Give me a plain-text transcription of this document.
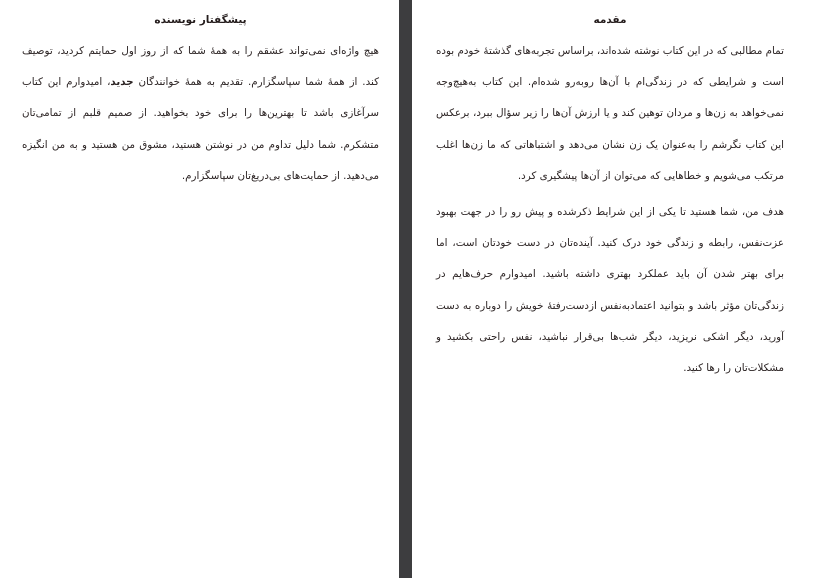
پیشگفتار نویسنده

هیچ واژه‌ای نمی‌تواند عشقم را به همهٔ شما که از روز اول حمایتم کردید، توصیف کند. از همهٔ شما سپاسگزارم. تقدیم به همهٔ خوانندگان جدید، امیدوارم این کتاب سرآغازی باشد تا بهترین‌ها را برای خود بخواهید. از صمیم قلبم از تمامی‌تان متشکرم. شما دلیل تداوم من در نوشتن هستید، مشوق من هستید و به من انگیزه می‌دهید. از حمایت‌های بی‌دریغ‌تان سپاسگزارم.

مقدمه

تمام مطالبی که در این کتاب نوشته شده‌اند، براساس تجربه‌های گذشتهٔ خودم بوده است و شرایطی که در زندگی‌ام با آن‌ها روبه‌رو شده‌ام. این کتاب به‌هیچ‌وجه نمی‌خواهد به زن‌ها و مردان توهین کند و یا ارزش آن‌ها را زیر سؤال ببرد، برعکس این کتاب نگرشم را به‌عنوان یک زن نشان می‌دهد و اشتباهاتی که ما زن‌ها اغلب مرتکب می‌شویم و خطاهایی که می‌توان از آن‌ها پیشگیری کرد.

هدف من، شما هستید تا یکی از این شرایط ذکرشده و پیش رو را در جهت بهبود عزت‌نفس، رابطه و زندگی خود درک کنید. آینده‌تان در دست خودتان است، اما برای بهتر شدن آن باید عملکرد بهتری داشته باشید. امیدوارم حرف‌هایم در زندگی‌تان مؤثر باشد و بتوانید اعتمادبه‌نفس ازدست‌رفتهٔ خویش را دوباره به دست آورید، دیگر اشکی نریزید، دیگر شب‌ها بی‌قرار نباشید، نفس راحتی بکشید و مشکلات‌تان را رها کنید.
